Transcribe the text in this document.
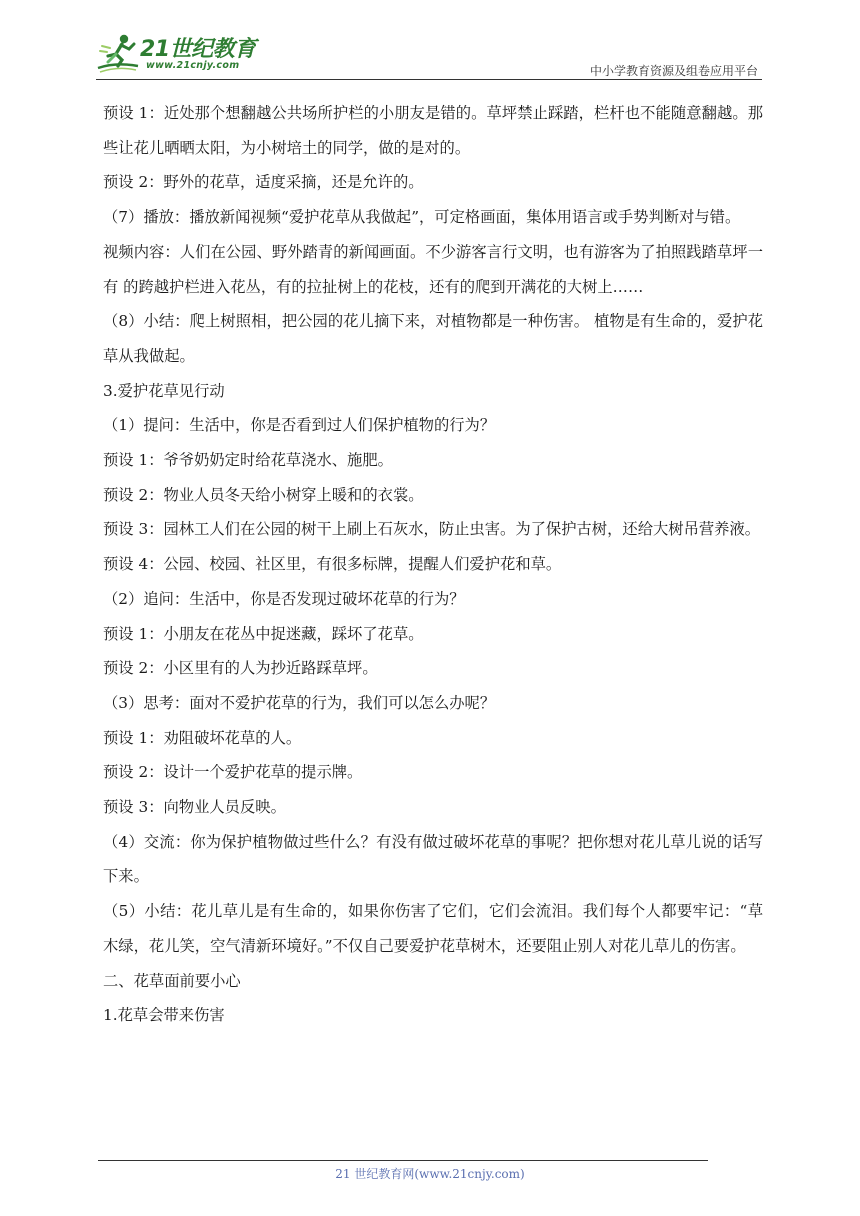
21世纪教育
www.21cnjy.com	中小学教育资源及组卷应用平台

预设 1：近处那个想翻越公共场所护栏的小朋友是错的。草坪禁止踩踏，栏杆也不能随意翻越。那些让花儿晒晒太阳，为小树培土的同学，做的是对的。

预设 2：野外的花草，适度采摘，还是允许的。

（7）播放：播放新闻视频“爱护花草从我做起”，可定格画面，集体用语言或手势判断对与错。

视频内容：人们在公园、野外踏青的新闻画面。不少游客言行文明，也有游客为了拍照践踏草坪一有 的跨越护栏进入花丛，有的拉扯树上的花枝，还有的爬到开满花的大树上……

（8）小结：爬上树照相，把公园的花儿摘下来，对植物都是一种伤害。 植物是有生命的，爱护花草从我做起。

3.爱护花草见行动

（1）提问：生活中，你是否看到过人们保护植物的行为？

预设 1：爷爷奶奶定时给花草浇水、施肥。

预设 2：物业人员冬天给小树穿上暖和的衣裳。

预设 3：园林工人们在公园的树干上刷上石灰水，防止虫害。为了保护古树，还给大树吊营养液。

预设 4：公园、校园、社区里，有很多标牌，提醒人们爱护花和草。

（2）追问：生活中，你是否发现过破坏花草的行为？

预设 1：小朋友在花丛中捉迷藏，踩坏了花草。

预设 2：小区里有的人为抄近路踩草坪。

（3）思考：面对不爱护花草的行为，我们可以怎么办呢？

预设 1：劝阻破坏花草的人。

预设 2：设计一个爱护花草的提示牌。

预设 3：向物业人员反映。

（4）交流：你为保护植物做过些什么？有没有做过破坏花草的事呢？把你想对花儿草儿说的话写下来。

（5）小结：花儿草儿是有生命的，如果你伤害了它们，它们会流泪。我们每个人都要牢记：“草木绿，花儿笑，空气清新环境好。”不仅自己要爱护花草树木，还要阻止别人对花儿草儿的伤害。

二、花草面前要小心

1.花草会带来伤害

21 世纪教育网(www.21cnjy.com)
